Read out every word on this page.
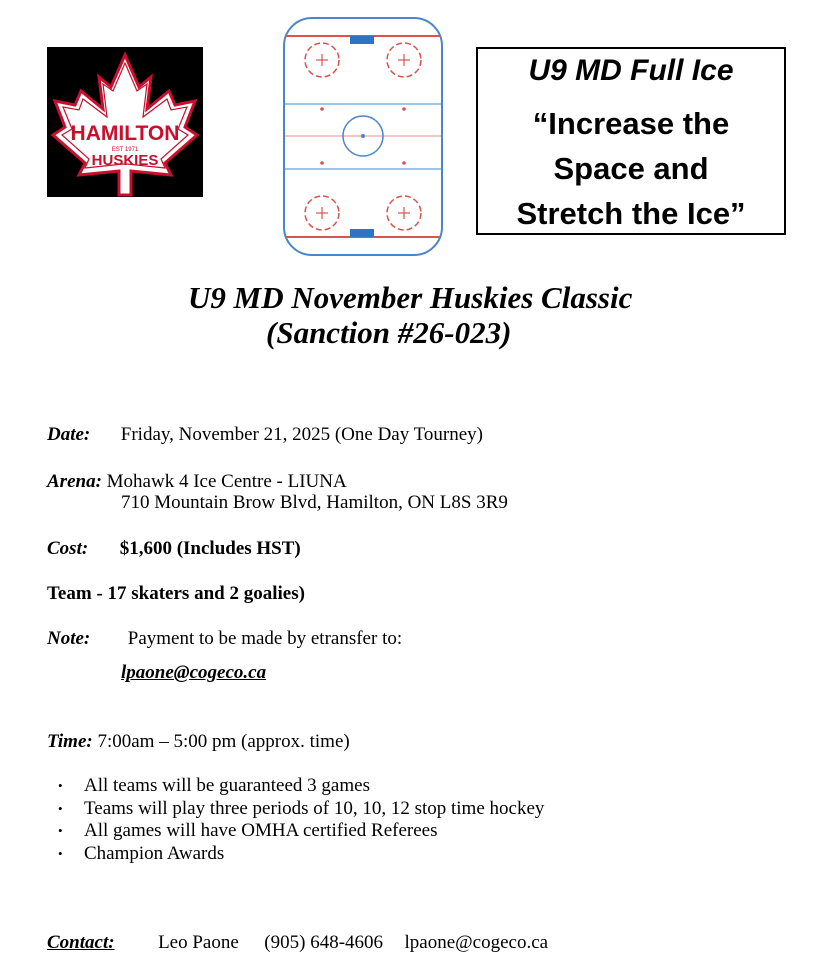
HAMILTON
EST 1971
HUSKIES
U9 MD Full Ice
“Increase the
Space and
Stretch the Ice”
U9 MD November Huskies Classic
(Sanction #26-023)
Date: Friday, November 21, 2025 (One Day Tourney)
Arena: Mohawk 4 Ice Centre - LIUNA
710 Mountain Brow Blvd, Hamilton, ON L8S 3R9
Cost: $1,600 (Includes HST)
Team - 17 skaters and 2 goalies)
Note: Payment to be made by etransfer to:
lpaone@cogeco.ca
Time: 7:00am – 5:00 pm (approx. time)
• All teams will be guaranteed 3 games
• Teams will play three periods of 10, 10, 12 stop time hockey
• All games will have OMHA certified Referees
• Champion Awards
Contact: Leo Paone (905) 648-4606 lpaone@cogeco.ca
